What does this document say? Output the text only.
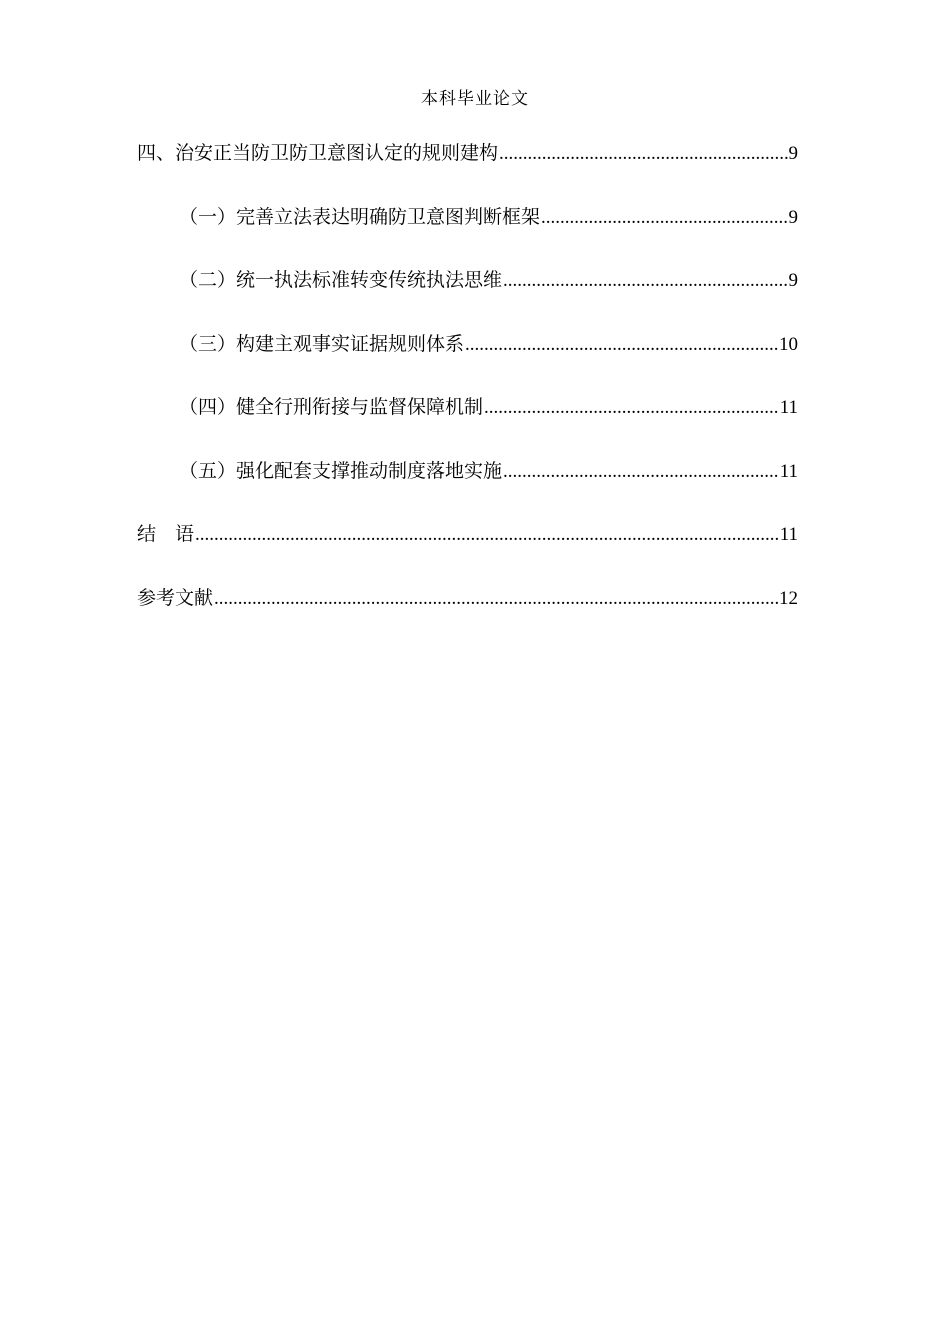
本科毕业论文
四、治安正当防卫防卫意图认定的规则建构 .....	9
（一）完善立法表达明确防卫意图判断框架 .....	9
（二）统一执法标准转变传统执法思维 .....	9
（三）构建主观事实证据规则体系 .....	10
（四）健全行刑衔接与监督保障机制 .....	11
（五）强化配套支撑推动制度落地实施 .....	11
结　语 .....	11
参考文献 .....	12
